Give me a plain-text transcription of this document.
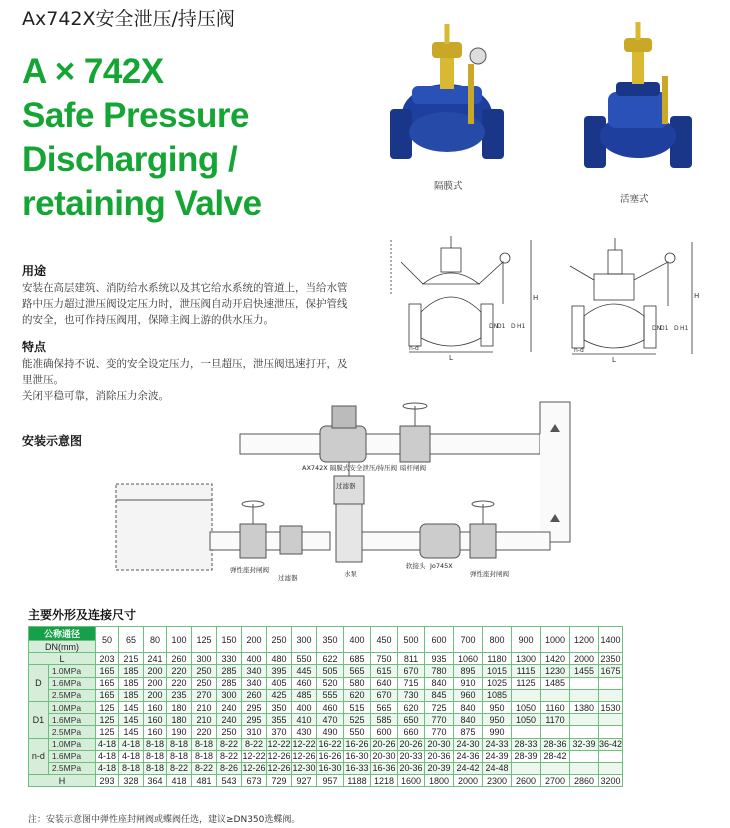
Ax742X安全泄压/持压阀
A × 742X
Safe Pressure
Discharging /
retaining Valve	隔膜式
活塞式
H
L
n-d
D
D1
DN	H1
H
L
n-d
D
D1
DN	H1
用途
安装在高层建筑、消防给水系统以及其它给水系统的管道上，当给水管
路中压力超过泄压阀设定压力时，泄压阀自动开启快速泄压，保护管线
的安全，也可作持压阀用，保障主阀上游的供水压力。
特点
能准确保持不说、变的安全设定压力，一旦超压，泄压阀迅速打开，及
里泄压。
关闭平稳可靠，消除压力余波。
安装示意图
AX742X 隔膜式安全泄压/持压阀 暗杆闸阀
过滤器
水泵
软接头 Jo745X
弹性座封闸阀
弹性座封闸阀
过滤器
主要外形及连接尺寸
公称通径		50	65	80	100	125	150	200	250	300	350	400	450	500	600	700	800	900	1000	1200	1400
DN(mm)																					
L		203	215	241	260	300	330	400	480	550	622	685	750	811	935	1060	1180	1300	1420	2000	2350
D	1.0MPa	165	185	200	220	250	285	340	395	445	505	565	615	670	780	895	1015	1115	1230	1455	1675
	1.6MPa	165	185	200	220	250	285	340	405	460	520	580	640	715	840	910	1025	1125	1485		
	2.5MPa	165	185	200	235	270	300	260	425	485	555	620	670	730	845	960	1085				
D1	1.0MPa	125	145	160	180	210	240	295	350	400	460	515	565	620	725	840	950	1050	1160	1380	1530
	1.6MPa	125	145	160	180	210	240	295	355	410	470	525	585	650	770	840	950	1050	1170		
	2.5MPa	125	145	160	190	220	250	310	370	430	490	550	600	660	770	875	990				
n-d	1.0MPa	4-18	4-18	8-18	8-18	8-18	8-22	8-22	12-22	12-22	16-22	16-26	20-26	20-26	20-30	24-30	24-33	28-33	28-36	32-39	36-42
	1.6MPa	4-18	4-18	8-18	8-18	8-18	8-22	12-22	12-26	12-26	16-26	16-30	20-30	20-33	20-36	24-36	24-39	28-39	28-42		
	2.5MPa	4-18	8-18	8-18	8-22	8-22	8-26	12-26	12-26	12-30	16-30	16-33	16-36	20-36	20-39	24-42	24-48				
H		293	328	364	418	481	543	673	729	927	957	1188	1218	1600	1800	2000	2300	2600	2700	2860	3200
注：安装示意图中弹性座封闸阀或蝶阀任选，建议≥DN350选蝶阀。
